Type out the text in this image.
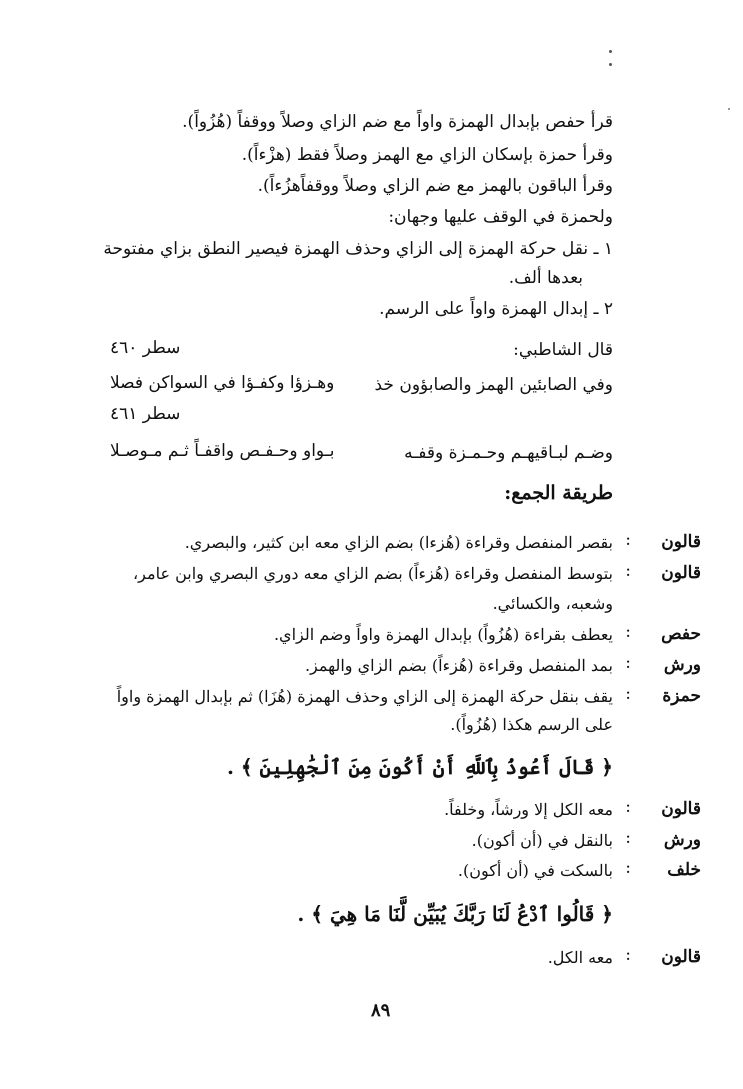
قرأ حفص بإبدال الهمزة واواً مع ضم الزاي وصلاً ووقفاً (هُزُواً).
وقرأ حمزة بإسكان الزاي مع الهمز وصلاً فقط (هزْءاً).
وقرأ الباقون بالهمز مع ضم الزاي وصلاً ووقفاًهزُءاً).
ولحمزة في الوقف عليها وجهان:
١ ـ نقل حركة الهمزة إلى الزاي وحذف الهمزة فيصير النطق بزاي مفتوحة
بعدها ألف.
٢ ـ إبدال الهمزة واواً على الرسم.
قال الشاطبي:
سطر ٤٦٠
وفي الصابئين الهمز والصابؤون خذ
وهـزؤا وكفـؤا في السواكن فصلا
سطر ٤٦١
وضـم لبـاقيهـم وحـمـزة وقفـه
بـواو وحـفـص واقفـاً ثـم مـوصـلا
طريقة الجمع:
قالون
:
بقصر المنفصل وقراءة (هُزءا) بضم الزاي معه ابن كثير، والبصري.
قالون
:
بتوسط المنفصل وقراءة (هُزءاً) بضم الزاي معه دوري البصري وابن عامر،
وشعبه، والكسائي.
حفص
:
يعطف بقراءة (هُزُواً) بإبدال الهمزة واواً وضم الزاي.
ورش
:
بمد المنفصل وقراءة (هُزءاً) بضم الزاي والهمز.
حمزة
:
يقف بنقل حركة الهمزة إلى الزاي وحذف الهمزة (هُزَا) ثم بإبدال الهمزة واواً
على الرسم هكذا (هُزُواً).
﴿ قَالَ أَعُوذُ بِٱللَّهِ أَنْ أَكُونَ مِنَ ٱلْجَٰهِلِينَ ﴾ .
قالون
:
معه الكل إلا ورشاً، وخلفاً.
ورش
:
بالنقل في (أن أكون).
خلف
:
بالسكت في (أن أكون).
﴿ قَالُوا ٱدْعُ لَنَا رَبَّكَ يُبَيِّن لَّنَا مَا هِيَ ﴾ .
قالون
:
معه الكل.
٨٩
